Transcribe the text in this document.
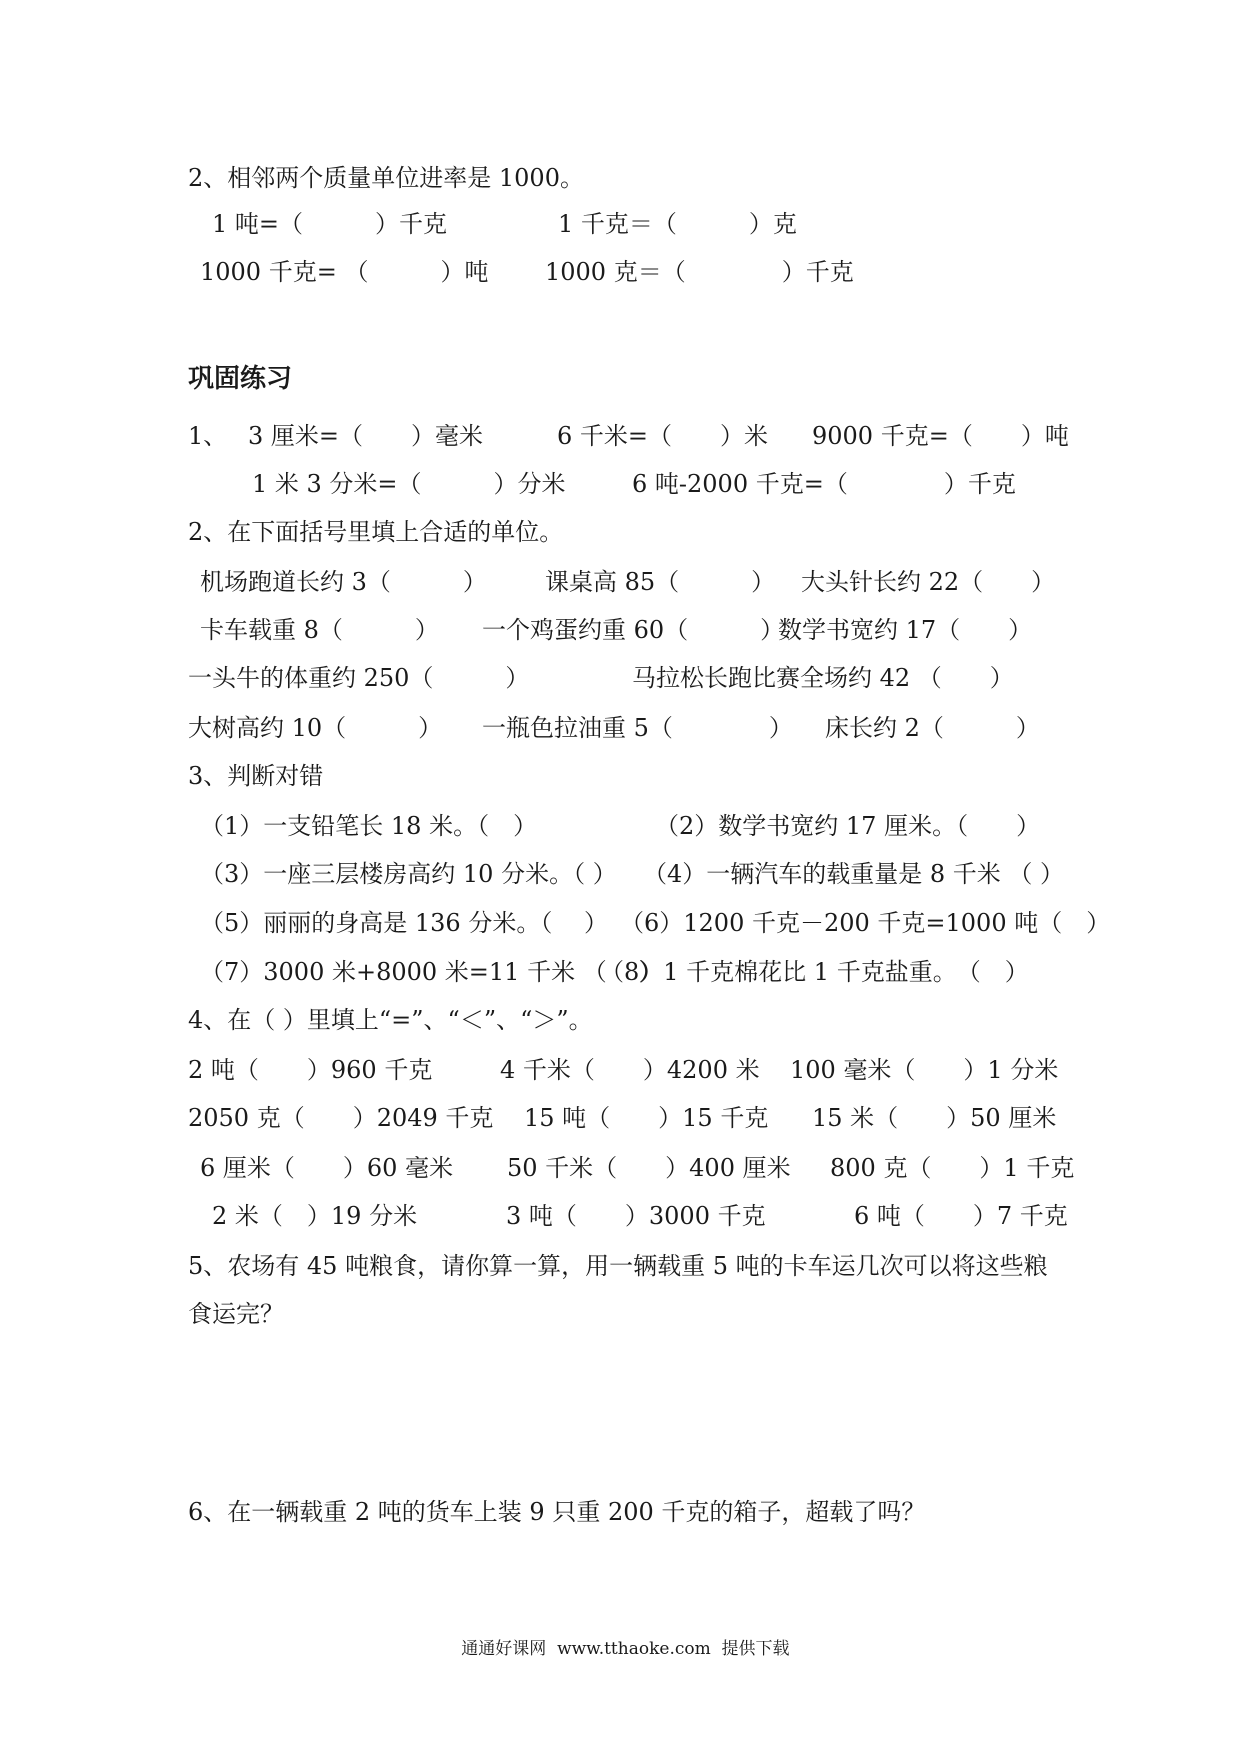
2、相邻两个质量单位进率是 1000。
1 吨=（　　　）千克	1 千克＝（　　　）克
1000 千克= （　　　）吨 1000 克＝（　　　　）千克
巩固练习
1、 3 厘米=（　　）毫米	6 千米=（　　）米 9000 千克=（　　）吨
1 米 3 分米=（　　　）分米	6 吨-2000 千克=（　　　　）千克
2、在下面括号里填上合适的单位。
机场跑道长约 3（　　　） 课桌高 85（　　　） 大头针长约 22（　　）
卡车载重 8（　　　） 一个鸡蛋约重 60（　　　）
数学书宽约 17（　　）
一头牛的体重约 250（　　　）	马拉松长跑比赛全场约 42 （　　）
大树高约 10（　　　） 一瓶色拉油重 5（　　　　） 床长约 2（　　　）
3、判断对错
（1）一支铅笔长 18 米。（　）	（2）数学书宽约 17 厘米。（　　）
（3）一座三层楼房高约 10 分米。（ ） （4）一辆汽车的载重量是 8 千米 （ ）
（5）丽丽的身高是 136 分米。（　 ） （6）1200 千克－200 千克=1000 吨（　）
（7）3000 米+8000 米=11 千米 （　 ）
（8）1 千克棉花比 1 千克盐重。　（　）
4、在（ ）里填上“=”、“＜”、“＞”。
2 吨（　　）960 千克	4 千米（　　）4200 米 100 毫米（　　）1 分米
2050 克（　　）2049 千克 15 吨（　　）15 千克 15 米（　　）50 厘米
6 厘米（　　）60 毫米 50 千米（　　）400 厘米 800 克（　　）1 千克
2 米（　）19 分米	3 吨（　　）3000 千克	6 吨（　　）7 千克
5、农场有 45 吨粮食，请你算一算，用一辆载重 5 吨的卡车运几次可以将这些粮
食运完？
6、在一辆载重 2 吨的货车上装 9 只重 200 千克的箱子，超载了吗？

通通好课网 www.tthaoke.com 提供下载
